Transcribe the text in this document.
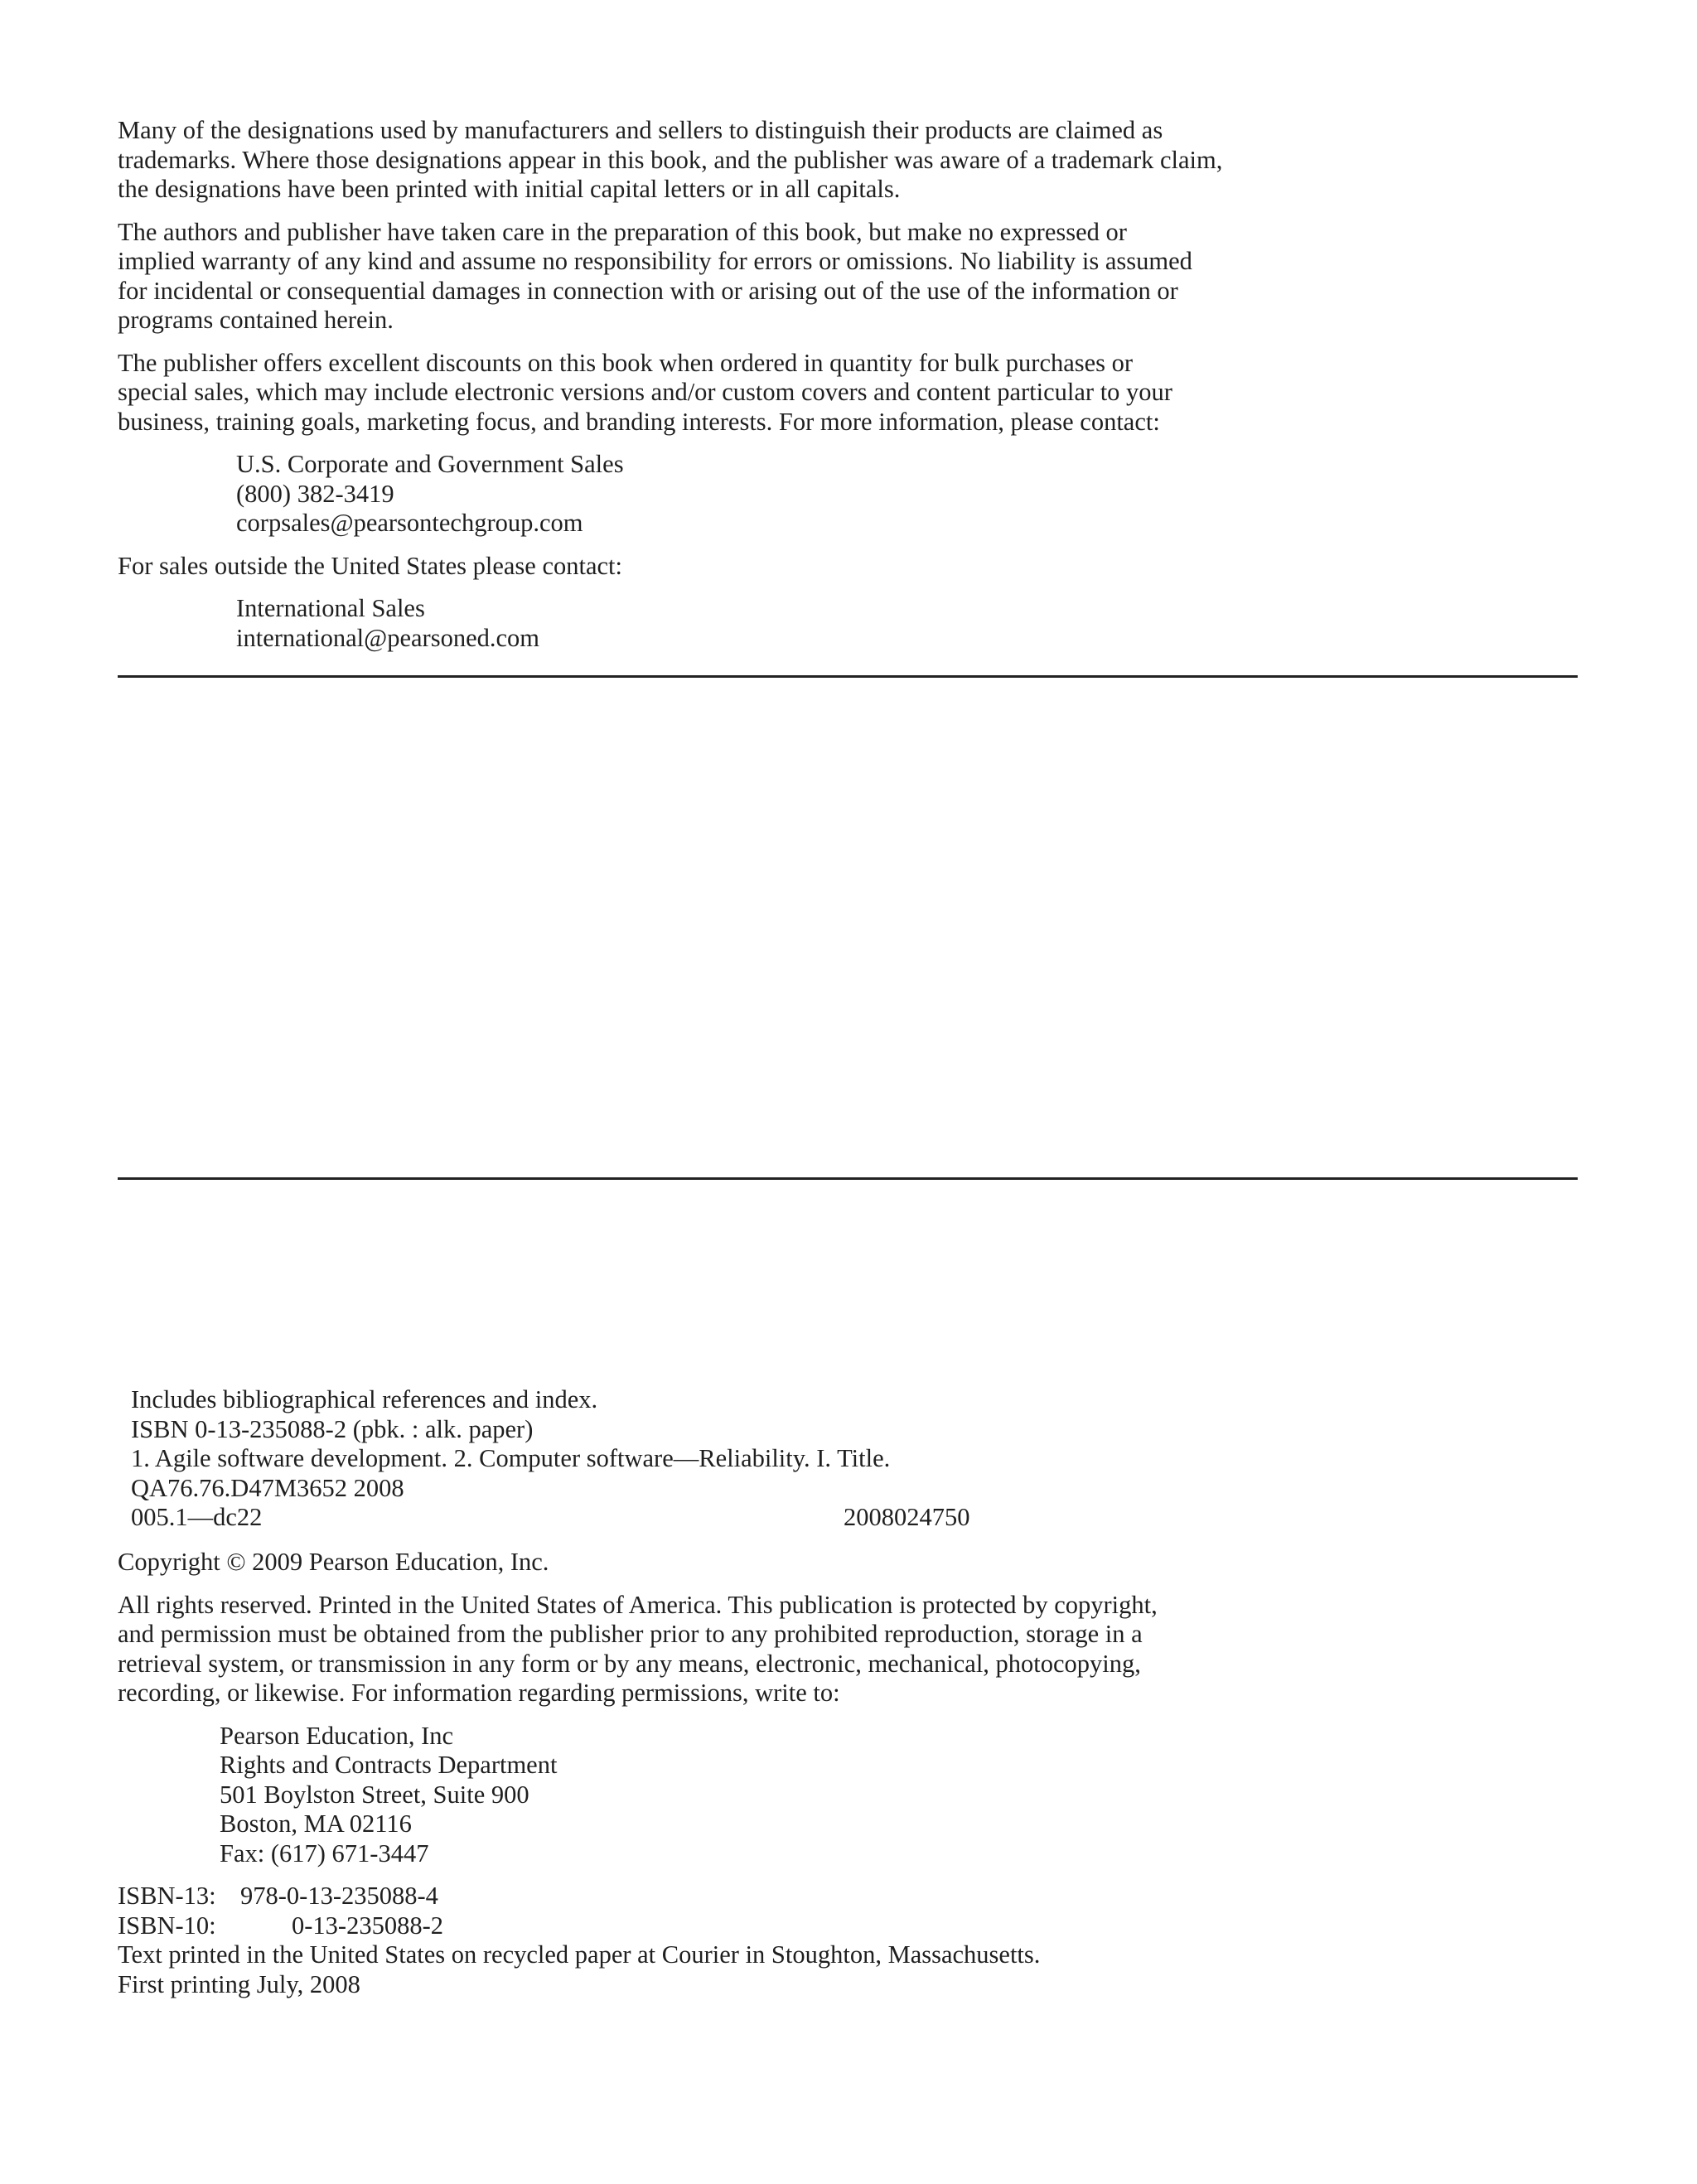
Many of the designations used by manufacturers and sellers to distinguish their products are claimed as
trademarks. Where those designations appear in this book, and the publisher was aware of a trademark claim,
the designations have been printed with initial capital letters or in all capitals.
The authors and publisher have taken care in the preparation of this book, but make no expressed or
implied warranty of any kind and assume no responsibility for errors or omissions. No liability is assumed
for incidental or consequential damages in connection with or arising out of the use of the information or
programs contained herein.
The publisher offers excellent discounts on this book when ordered in quantity for bulk purchases or
special sales, which may include electronic versions and/or custom covers and content particular to your
business, training goals, marketing focus, and branding interests. For more information, please contact:
U.S. Corporate and Government Sales
(800) 382-3419
corpsales@pearsontechgroup.com
For sales outside the United States please contact:
International Sales
international@pearsoned.com
Includes bibliographical references and index.
ISBN 0-13-235088-2 (pbk. : alk. paper)
1. Agile software development. 2. Computer software—Reliability. I. Title.
QA76.76.D47M3652 2008
005.1—dc22	2008024750
Copyright © 2009 Pearson Education, Inc.
All rights reserved. Printed in the United States of America. This publication is protected by copyright,
and permission must be obtained from the publisher prior to any prohibited reproduction, storage in a
retrieval system, or transmission in any form or by any means, electronic, mechanical, photocopying,
recording, or likewise. For information regarding permissions, write to:
Pearson Education, Inc
Rights and Contracts Department
501 Boylston Street, Suite 900
Boston, MA 02116
Fax: (617) 671-3447
ISBN-13: 978-0-13-235088-4
ISBN-10:	0-13-235088-2
Text printed in the United States on recycled paper at Courier in Stoughton, Massachusetts.
First printing July, 2008
